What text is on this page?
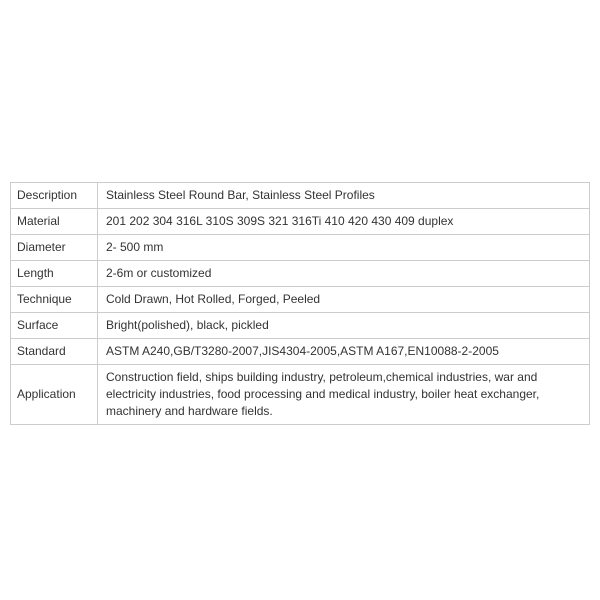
Description	Stainless Steel Round Bar, Stainless Steel Profiles
Material	201 202 304 316L 310S 309S 321 316Ti 410 420 430 409 duplex
Diameter	2- 500 mm
Length	2-6m or customized
Technique	Cold Drawn, Hot Rolled, Forged, Peeled
Surface	Bright(polished), black, pickled
Standard	ASTM A240,GB/T3280-2007,JIS4304-2005,ASTM A167,EN10088-2-2005
Application	Construction field, ships building industry, petroleum,chemical industries, war and electricity industries, food processing and medical industry, boiler heat exchanger, machinery and hardware fields.
